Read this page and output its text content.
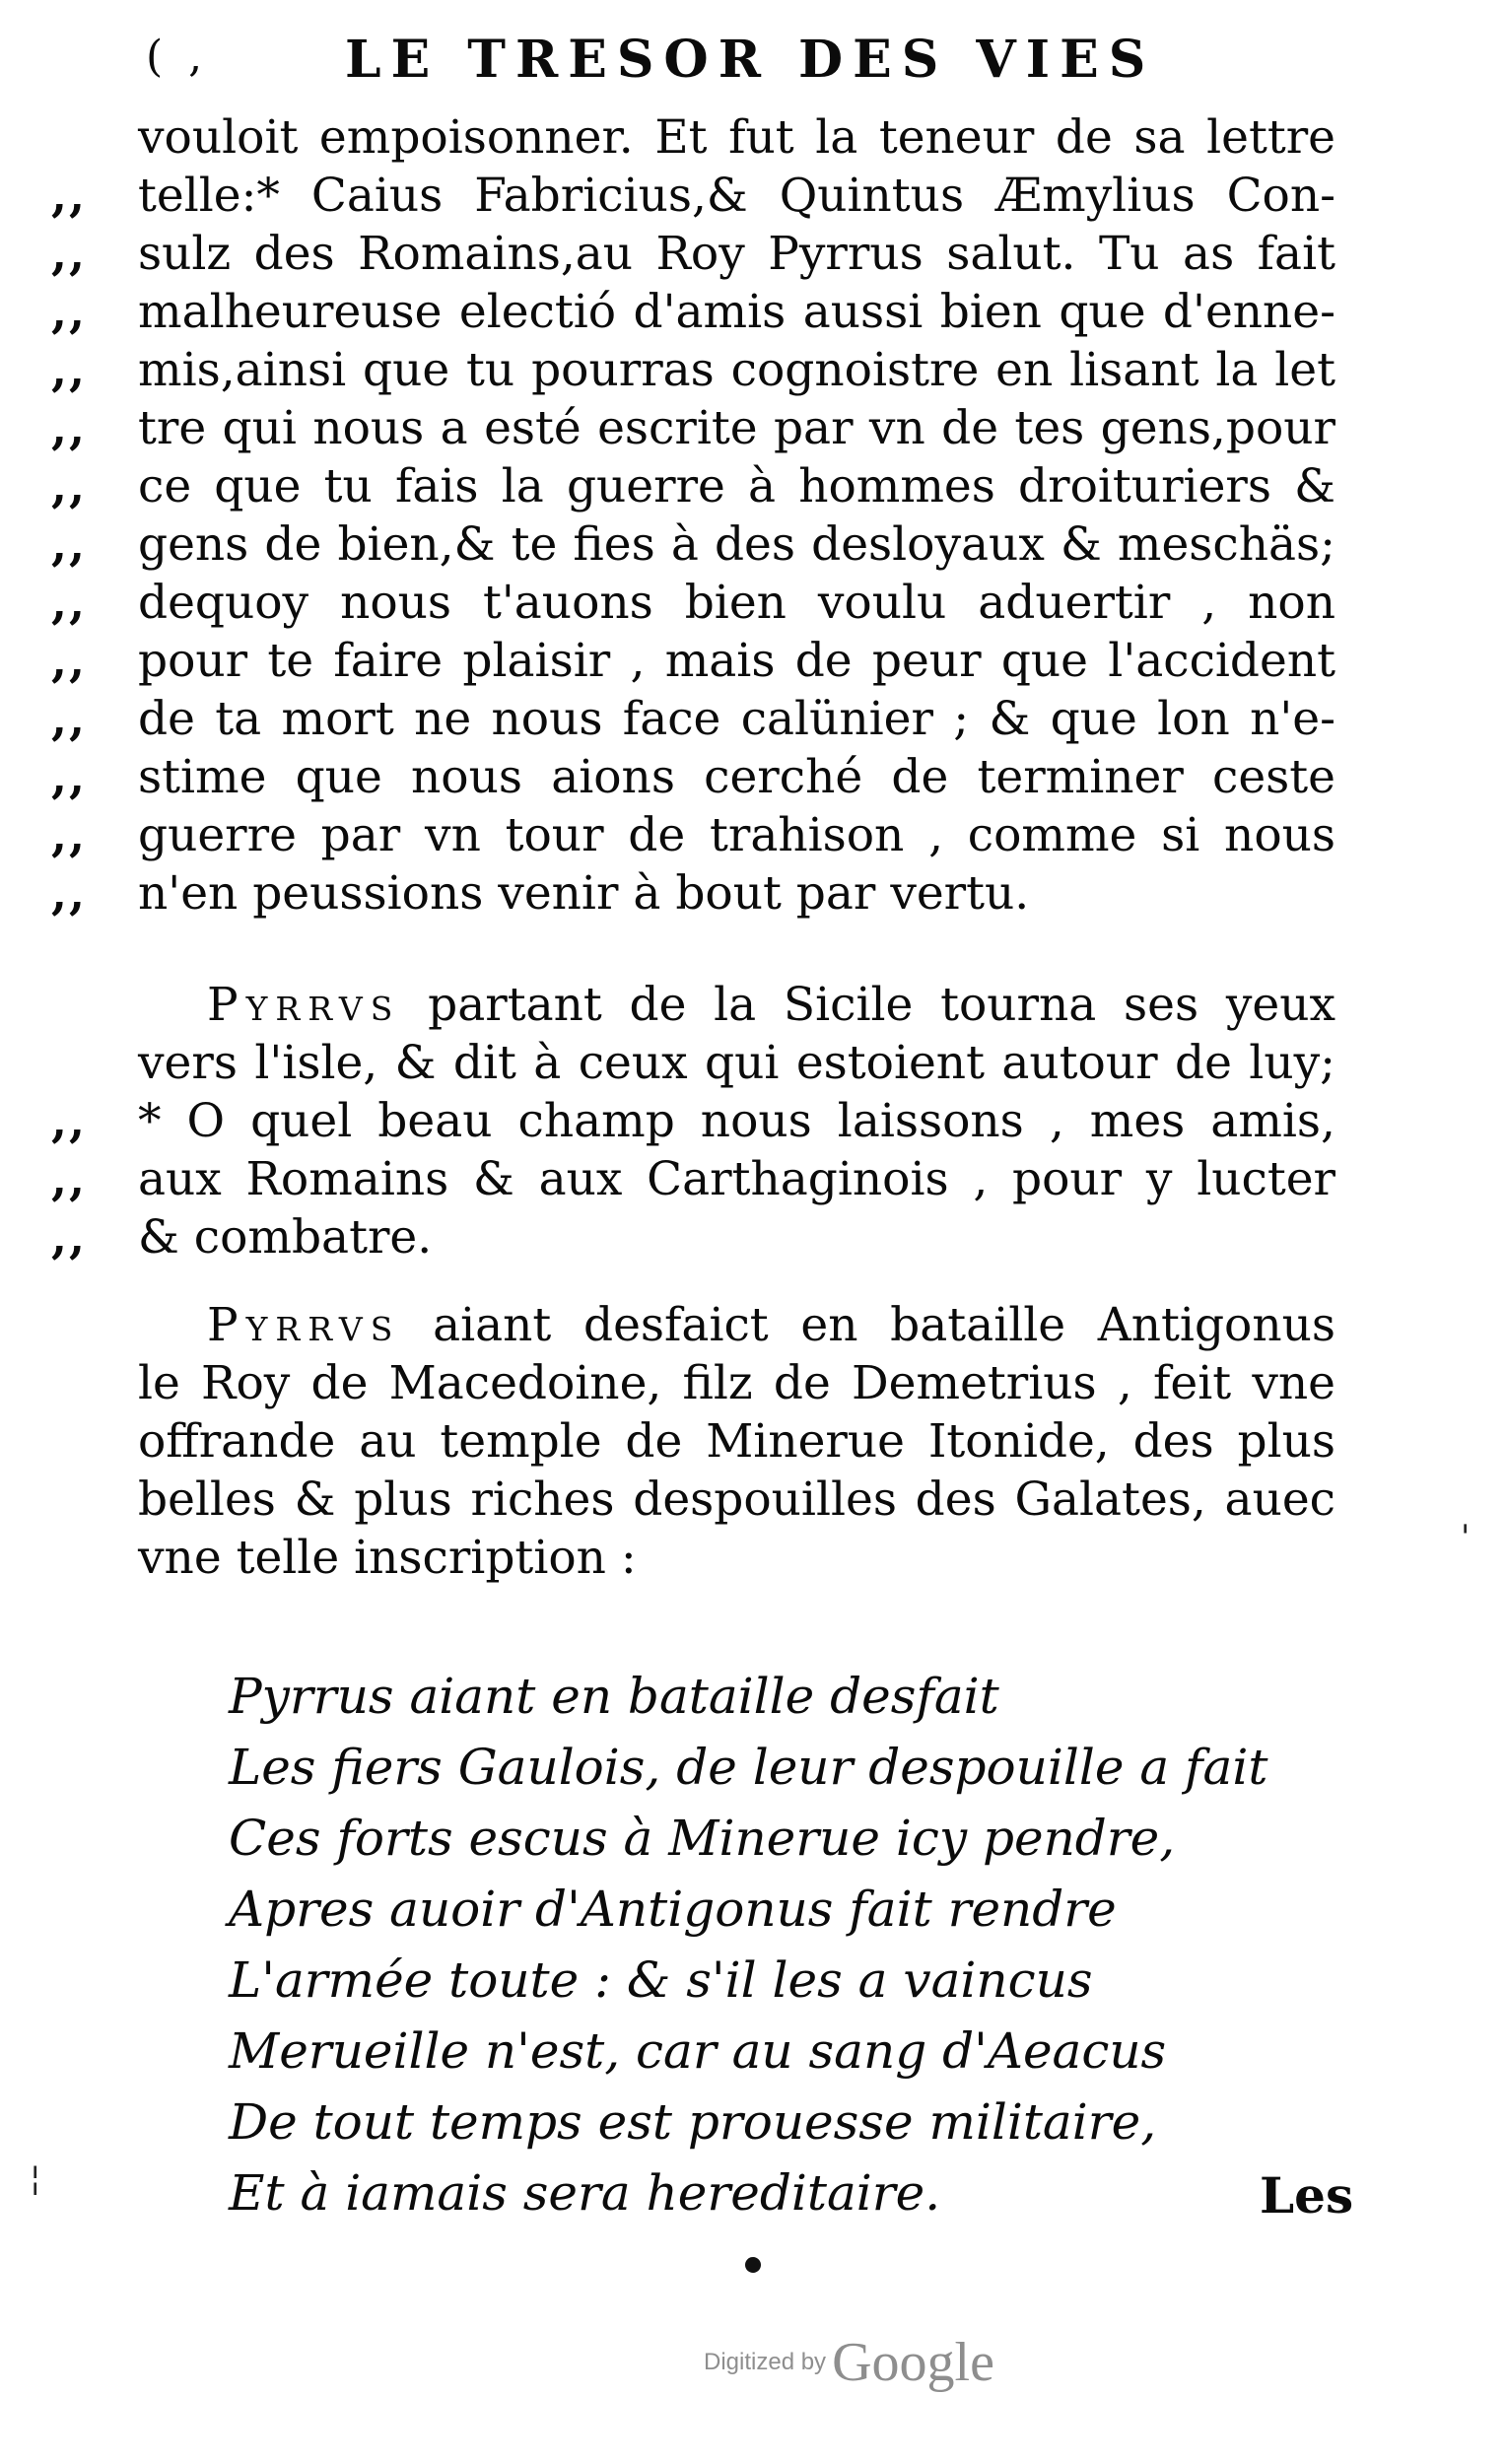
( ,	LE TRESOR DES VIES
vouloit empoisonner. Et fut la teneur de sa lettre
,, telle:* Caius Fabricius,& Quintus Æmylius Con-
,, sulz des Romains,au Roy Pyrrus salut. Tu as fait
,, malheureuse electió d'amis aussi bien que d'enne-
,, mis,ainsi que tu pourras cognoistre en lisant la let
,, tre qui nous a esté escrite par vn de tes gens,pour
,, ce que tu fais la guerre à hommes droituriers &
,, gens de bien,& te fies à des desloyaux & meschäs;
,, dequoy nous t'auons bien voulu aduertir , non
,, pour te faire plaisir , mais de peur que l'accident
,, de ta mort ne nous face calünier ; & que lon n'e-
,, stime que nous aions cerché de terminer ceste
,, guerre par vn tour de trahison , comme si nous
,, n'en peussions venir à bout par vertu.
Pyrrvs partant de la Sicile tourna ses yeux
vers l'isle, & dit à ceux qui estoient autour de luy;
,, * O quel beau champ nous laissons , mes amis,
,, aux Romains & aux Carthaginois , pour y lucter
,, & combatre.
Pyrrvs aiant desfaict en bataille Antigonus
le Roy de Macedoine, filz de Demetrius , feit vne
offrande au temple de Minerue Itonide, des plus
belles & plus riches despouilles des Galates, auec
vne telle inscription :
Pyrrus aiant en bataille desfait
Les fiers Gaulois, de leur despouille a fait
Ces forts escus à Minerue icy pendre,
Apres auoir d'Antigonus fait rendre
L'armée toute : & s'il les a vaincus
Merueille n'est, car au sang d'Aeacus
De tout temps est prouesse militaire,
Et à iamais sera hereditaire.	Les
'
¦
Digitized by Google
